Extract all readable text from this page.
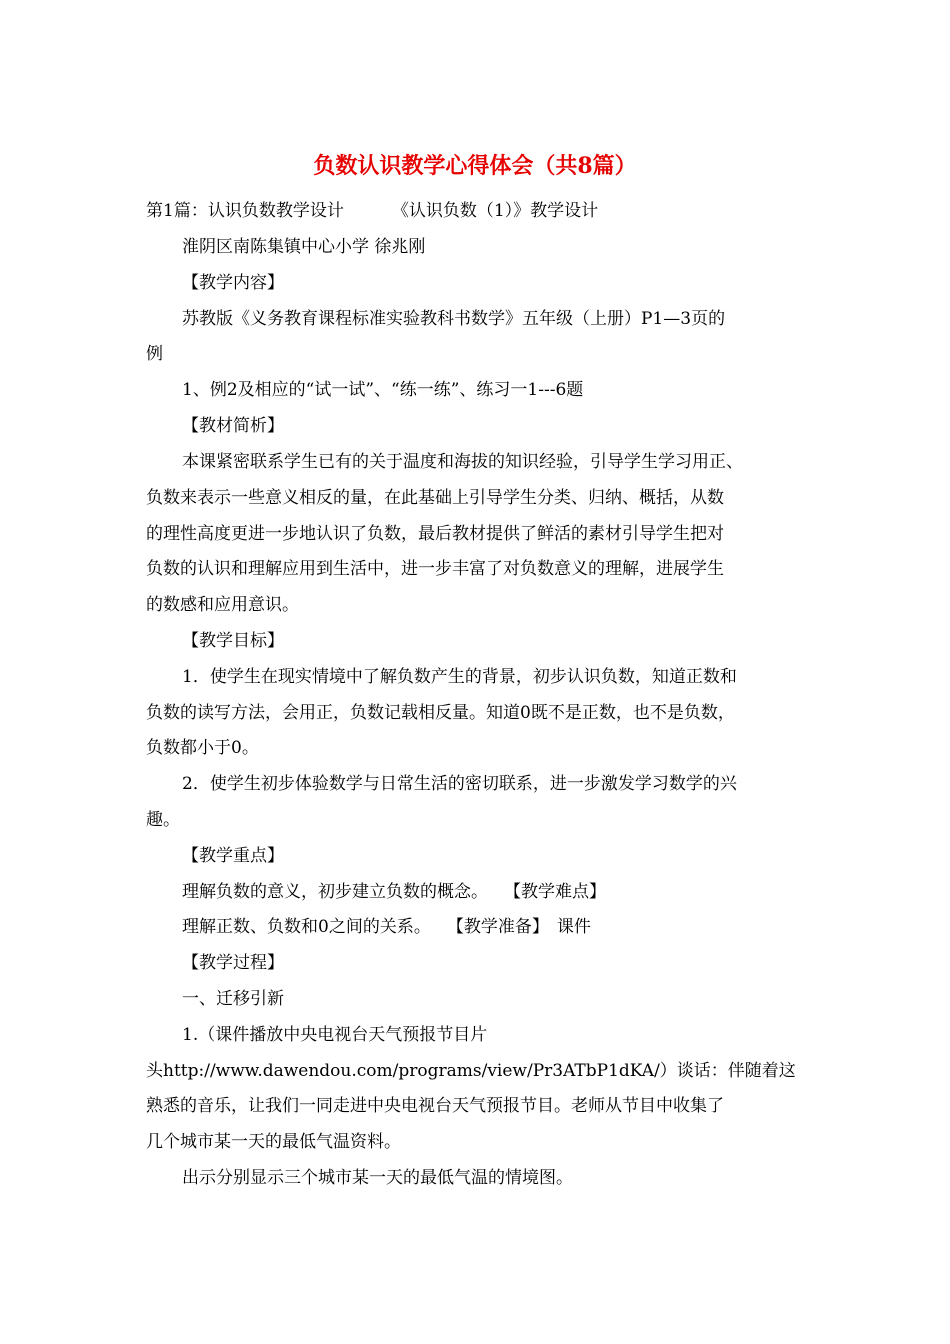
负数认识教学心得体会（共8篇）
第1篇：认识负数教学设计	《认识负数（1）》教学设计
淮阴区南陈集镇中心小学 徐兆刚
【教学内容】
苏教版《义务教育课程标准实验教科书数学》五年级（上册）P1—3页的
例
1、例2及相应的“试一试”、“练一练”、练习一1---6题
【教材简析】
本课紧密联系学生已有的关于温度和海拔的知识经验，引导学生学习用正、
负数来表示一些意义相反的量，在此基础上引导学生分类、归纳、概括，从数
的理性高度更进一步地认识了负数，最后教材提供了鲜活的素材引导学生把对
负数的认识和理解应用到生活中，进一步丰富了对负数意义的理解，进展学生
的数感和应用意识。
【教学目标】
1．使学生在现实情境中了解负数产生的背景，初步认识负数，知道正数和
负数的读写方法，会用正，负数记载相反量。知道0既不是正数，也不是负数，
负数都小于0。
2．使学生初步体验数学与日常生活的密切联系，进一步激发学习数学的兴
趣。
【教学重点】
理解负数的意义，初步建立负数的概念。 【教学难点】
理解正数、负数和0之间的关系。 【教学准备】 课件
【教学过程】
一、迁移引新
1.（课件播放中央电视台天气预报节目片
头http://www.dawendou.com/programs/view/Pr3ATbP1dKA/）谈话：伴随着这
熟悉的音乐，让我们一同走进中央电视台天气预报节目。老师从节目中收集了
几个城市某一天的最低气温资料。
出示分别显示三个城市某一天的最低气温的情境图。
